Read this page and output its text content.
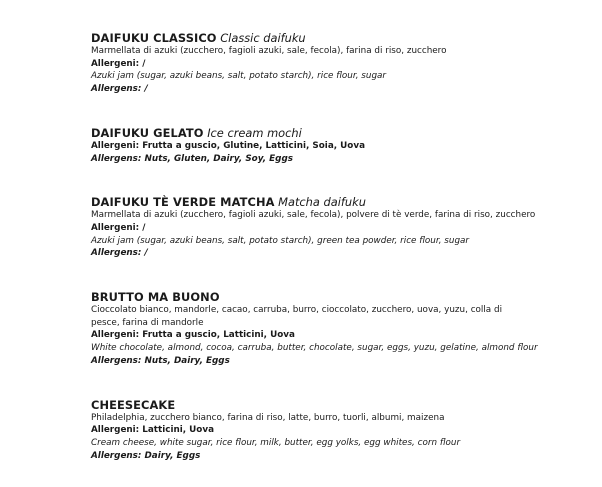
DAIFUKU CLASSICO Classic daifuku
Marmellata di azuki (zucchero, fagioli azuki, sale, fecola), farina di riso, zucchero
Allergeni: /
Azuki jam (sugar, azuki beans, salt, potato starch), rice flour, sugar
Allergens: /
DAIFUKU GELATO Ice cream mochi
Allergeni: Frutta a guscio, Glutine, Latticini, Soia, Uova
Allergens: Nuts, Gluten, Dairy, Soy, Eggs
DAIFUKU TÈ VERDE MATCHA Matcha daifuku
Marmellata di azuki (zucchero, fagioli azuki, sale, fecola), polvere di tè verde, farina di riso, zucchero
Allergeni: /
Azuki jam (sugar, azuki beans, salt, potato starch), green tea powder, rice flour, sugar
Allergens: /
BRUTTO MA BUONO
Cioccolato bianco, mandorle, cacao, carruba, burro, cioccolato, zucchero, uova, yuzu, colla di pesce, farina di mandorle
Allergeni: Frutta a guscio, Latticini, Uova
White chocolate, almond, cocoa, carruba, butter, chocolate, sugar, eggs, yuzu, gelatine, almond flour
Allergens: Nuts, Dairy, Eggs
CHEESECAKE
Philadelphia, zucchero bianco, farina di riso, latte, burro, tuorli, albumi, maizena
Allergeni: Latticini, Uova
Cream cheese, white sugar, rice flour, milk, butter, egg yolks, egg whites, corn flour
Allergens: Dairy, Eggs
